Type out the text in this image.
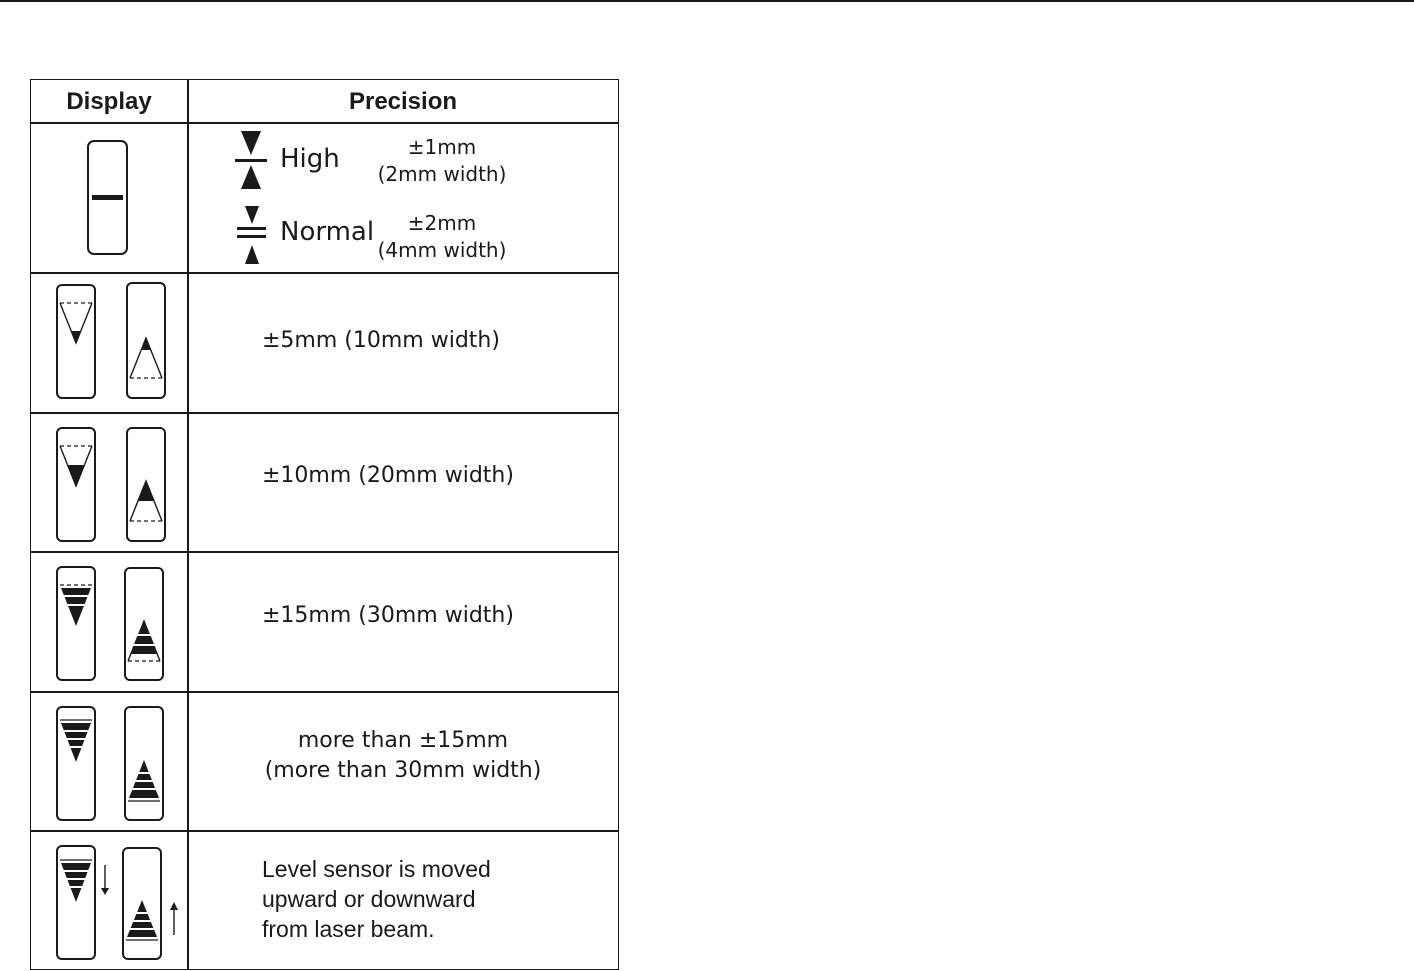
Display	Precision
High	±1mm
(2mm width)
Normal	±2mm
(4mm width)
±5mm (10mm width)
±10mm (20mm width)
±15mm (30mm width)
more than ±15mm
(more than 30mm width)
Level sensor is moved
upward or downward
from laser beam.
